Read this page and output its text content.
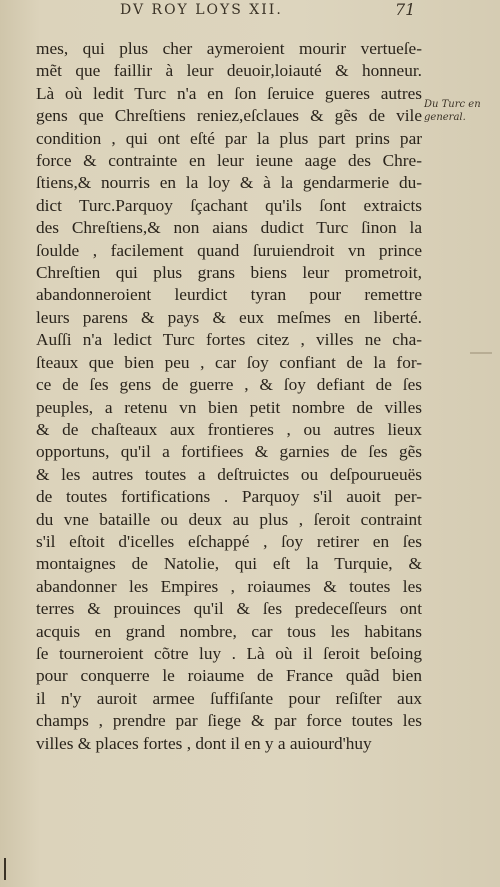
DV ROY LOYS XII.	71
Du Turc en
general.
mes, qui plus cher aymeroient mourir vertueſe-
mẽt que faillir à leur deuoir,loiauté & honneur.
Là où ledit Turc n'a en ſon ſeruice gueres autres
gens que Chreſtiens reniez,eſclaues & gẽs de vile
condition , qui ont eſté par la plus part prins par
force & contrainte en leur ieune aage des Chre-
ſtiens,& nourris en la loy & à la gendarmerie du-
dict Turc.Parquoy ſçachant qu'ils ſont extraicts
des Chreſtiens,& non aians dudict Turc ſinon la
ſoulde , facilement quand ſuruiendroit vn prince
Chreſtien qui plus grans biens leur prometroit,
abandonneroient leurdict tyran pour remettre
leurs parens & pays & eux meſmes en liberté.
Auſſi n'a ledict Turc fortes citez , villes ne cha-
ſteaux que bien peu , car ſoy confiant de la for-
ce de ſes gens de guerre , & ſoy defiant de ſes
peuples, a retenu vn bien petit nombre de villes
& de chaſteaux aux frontieres , ou autres lieux
opportuns, qu'il a fortifiees & garnies de ſes gẽs
& les autres toutes a deſtruictes ou deſpourueuës
de toutes fortifications . Parquoy s'il auoit per-
du vne bataille ou deux au plus , ſeroit contraint
s'il eſtoit d'icelles eſchappé , ſoy retirer en ſes
montaignes de Natolie, qui eſt la Turquie, &
abandonner les Empires , roiaumes & toutes les
terres & prouinces qu'il & ſes predeceſſeurs ont
acquis en grand nombre, car tous les habitans
ſe tourneroient cõtre luy . Là où il ſeroit beſoing
pour conquerre le roiaume de France quãd bien
il n'y auroit armee ſuffiſante pour reſiſter aux
champs , prendre par ſiege & par force toutes les
villes & places fortes , dont il en y a auiourd'huy
